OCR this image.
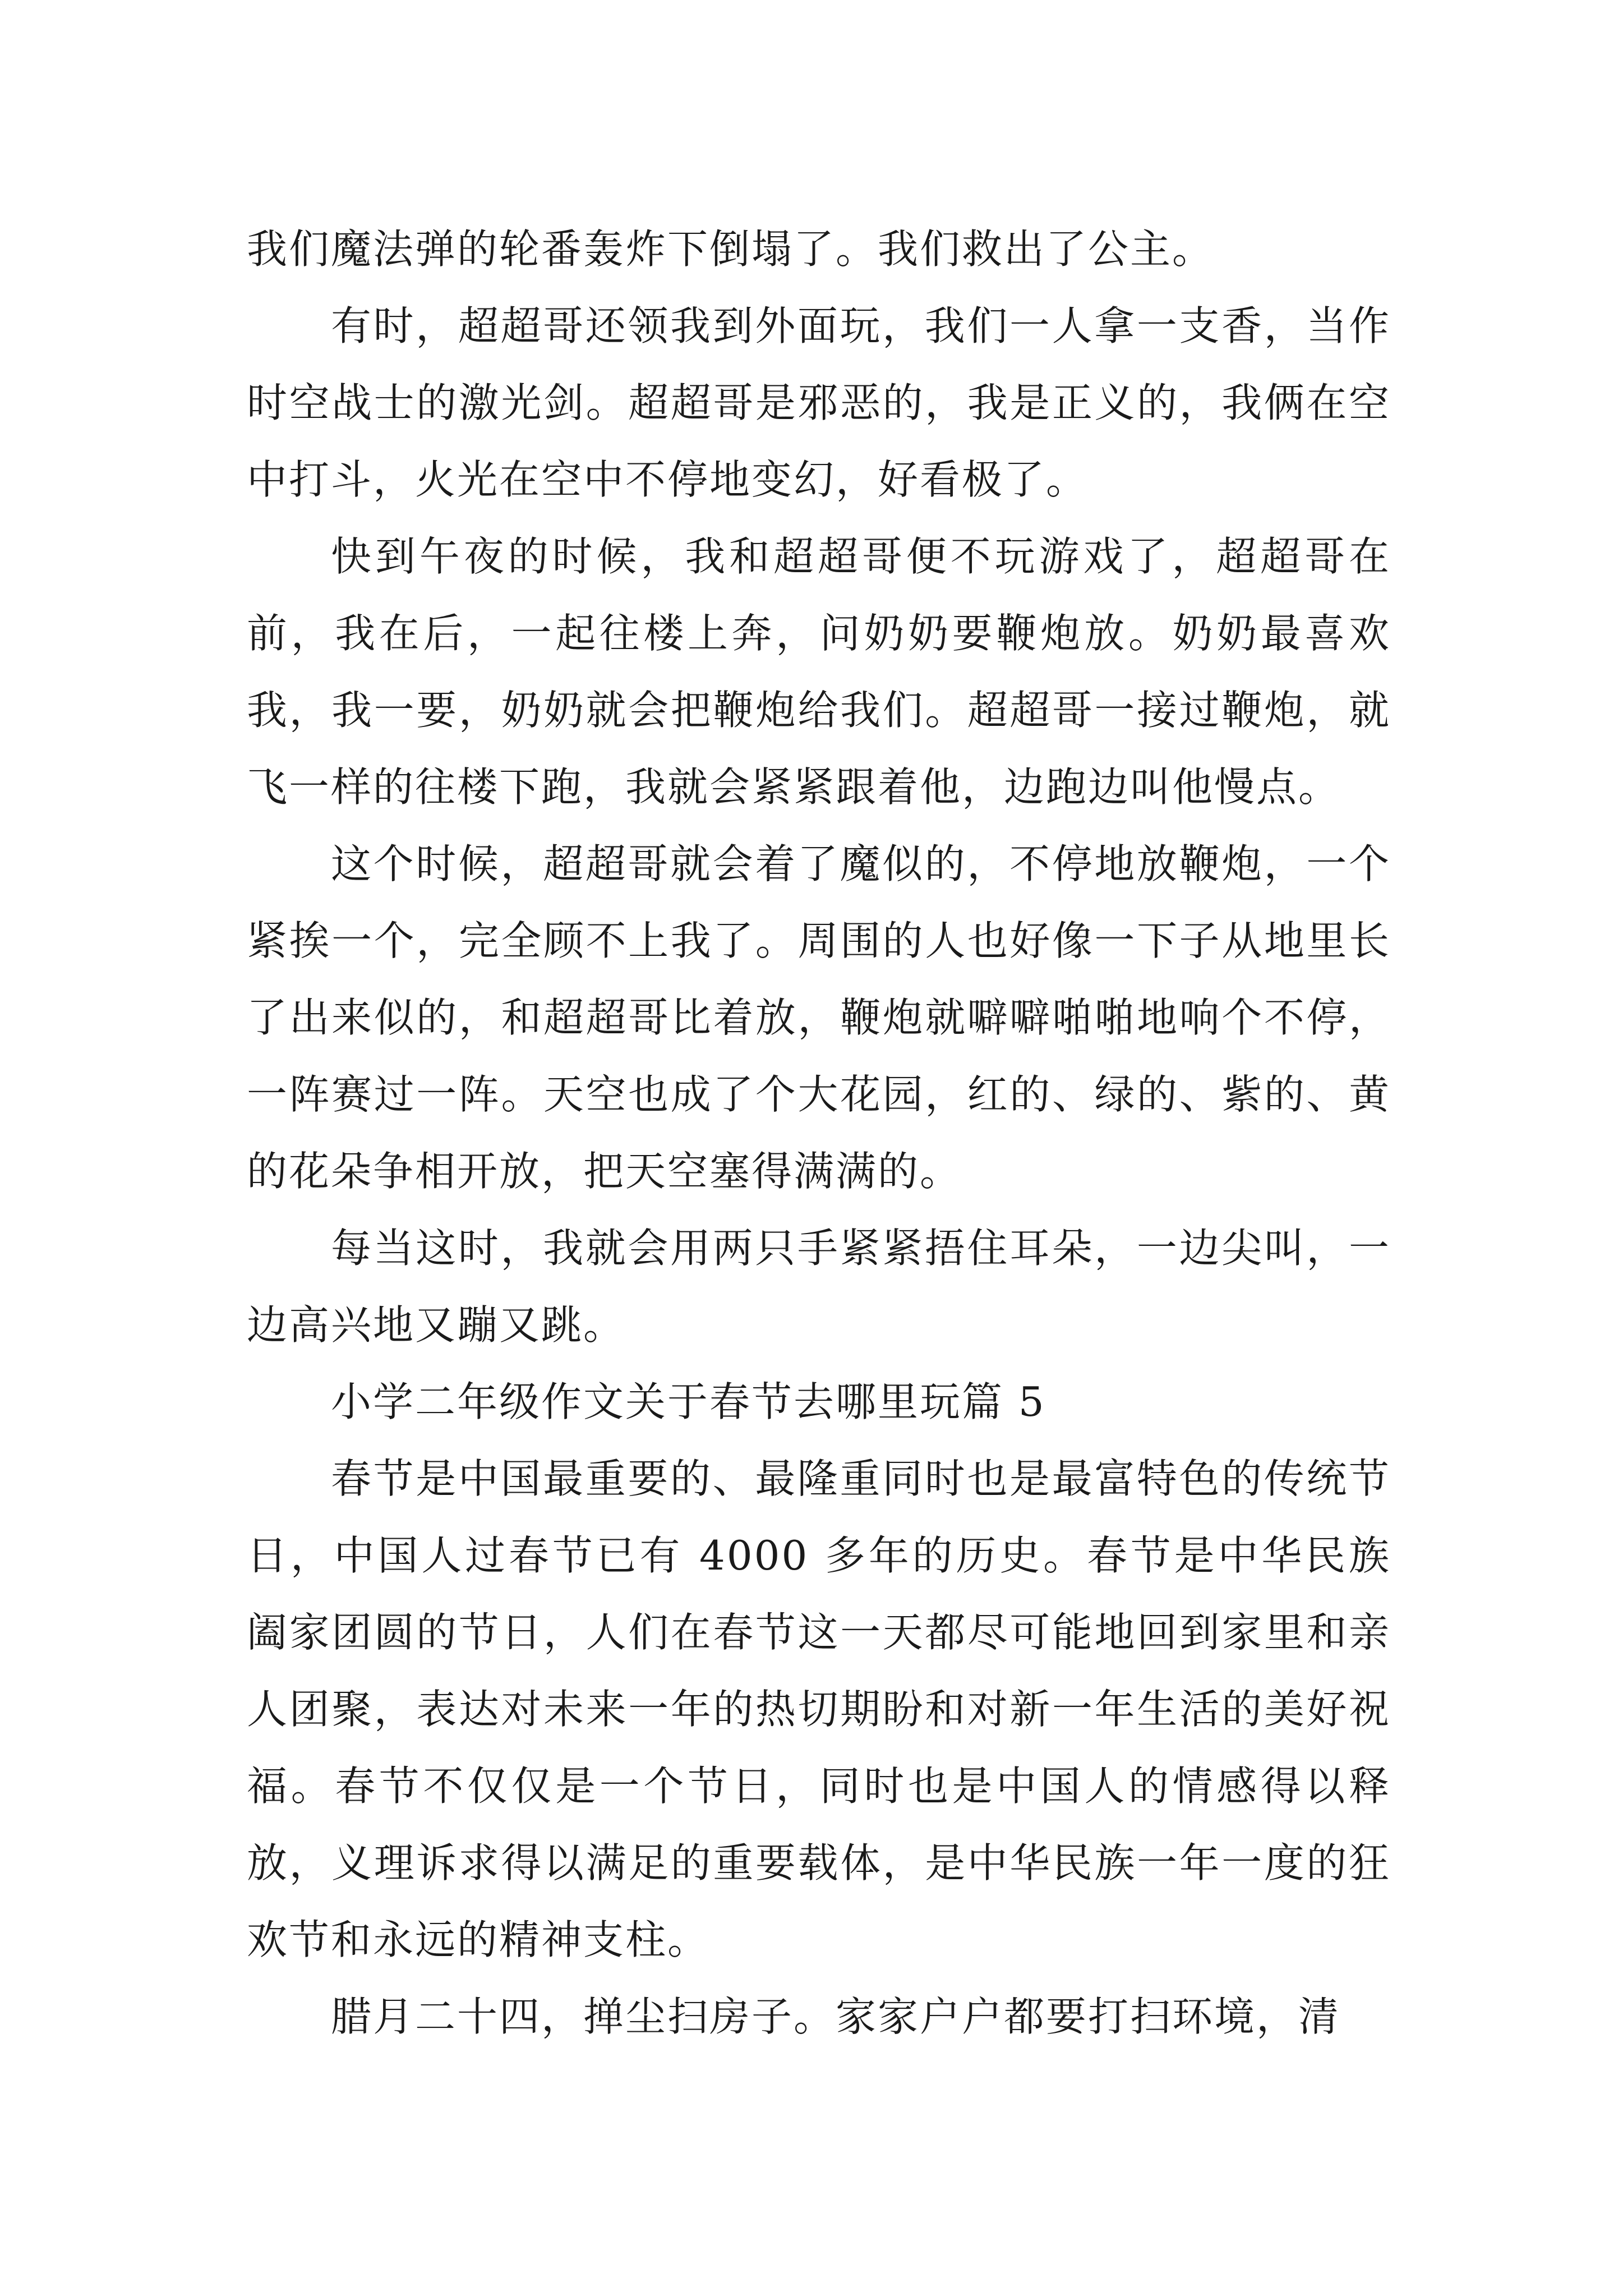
我们魔法弹的轮番轰炸下倒塌了。我们救出了公主。

有时，超超哥还领我到外面玩，我们一人拿一支香，当作时空战士的激光剑。超超哥是邪恶的，我是正义的，我俩在空中打斗，火光在空中不停地变幻，好看极了。

快到午夜的时候，我和超超哥便不玩游戏了，超超哥在前，我在后，一起往楼上奔，问奶奶要鞭炮放。奶奶最喜欢我，我一要，奶奶就会把鞭炮给我们。超超哥一接过鞭炮，就飞一样的往楼下跑，我就会紧紧跟着他，边跑边叫他慢点。

这个时候，超超哥就会着了魔似的，不停地放鞭炮，一个紧挨一个，完全顾不上我了。周围的人也好像一下子从地里长了出来似的，和超超哥比着放，鞭炮就噼噼啪啪地响个不停，一阵赛过一阵。天空也成了个大花园，红的、绿的、紫的、黄的花朵争相开放，把天空塞得满满的。

每当这时，我就会用两只手紧紧捂住耳朵，一边尖叫，一边高兴地又蹦又跳。

小学二年级作文关于春节去哪里玩篇 5

春节是中国最重要的、最隆重同时也是最富特色的传统节日，中国人过春节已有 4000 多年的历史。春节是中华民族阖家团圆的节日，人们在春节这一天都尽可能地回到家里和亲人团聚，表达对未来一年的热切期盼和对新一年生活的美好祝福。春节不仅仅是一个节日，同时也是中国人的情感得以释放，义理诉求得以满足的重要载体，是中华民族一年一度的狂欢节和永远的精神支柱。

腊月二十四，掸尘扫房子。家家户户都要打扫环境，清
